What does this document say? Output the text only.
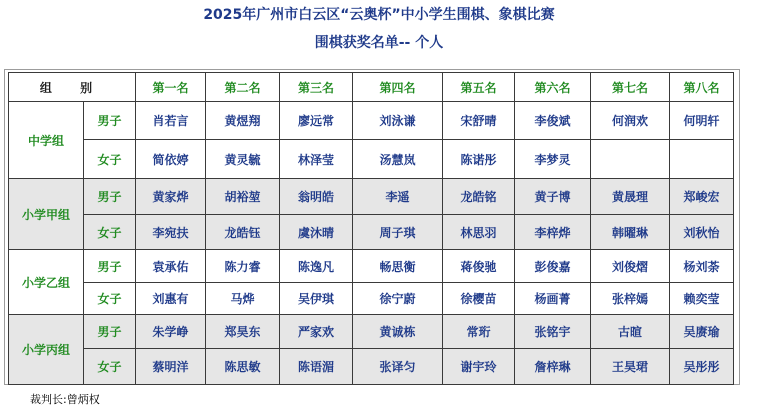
2025年广州市白云区“云奥杯”中小学生围棋、象棋比赛
围棋获奖名单-- 个人
组 别		第一名	第二名	第三名	第四名	第五名	第六名	第七名	第八名
中学组	男子	肖若言	黄煜翔	廖远常	刘泳谦	宋舒晴	李俊斌	何润欢	何明轩
	女子	简依婷	黄灵毓	林泽莹	汤慧岚	陈诺彤	李梦灵		
小学甲组	男子	黄家烨	胡裕堃	翁明皓	李遥	龙皓铭	黄子博	黄晟理	郑峻宏
	女子	李宛扶	龙皓钰	虞沐晴	周子琪	林思羽	李梓烨	韩曜琳	刘秋怡
小学乙组	男子	袁承佑	陈力睿	陈逸凡	畅思衡	蒋俊驰	彭俊嘉	刘俊熠	杨刘荼
	女子	刘惠有	马烨	吴伊琪	徐宁蔚	徐樱苗	杨画菁	张梓嫣	赖奕莹
小学丙组	男子	朱学峥	郑昊东	严家欢	黄诚栋	常珩	张铭宇	古暄	吴赓瑜
	女子	蔡明洋	陈思敏	陈语湄	张译匀	谢宇玲	詹梓琳	王昊珺	吴彤彤
裁判长:曾炳权
